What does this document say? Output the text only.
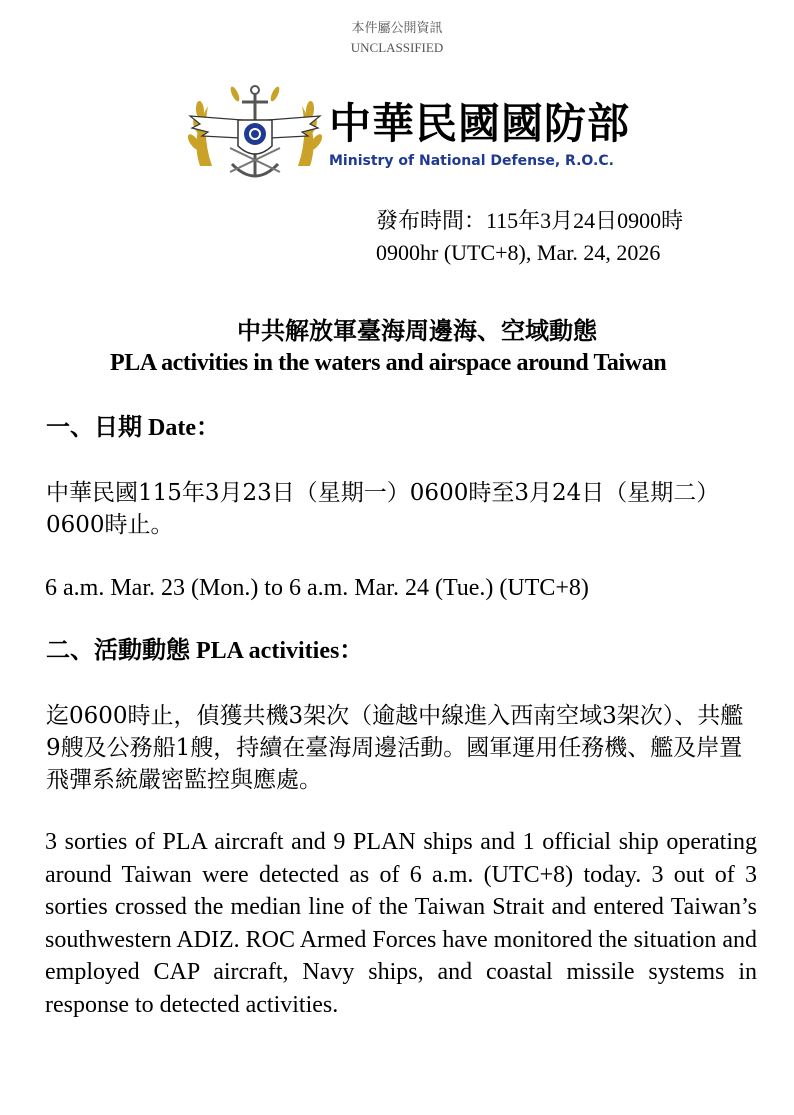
本件屬公開資訊
UNCLASSIFIED
中華民國國防部
Ministry of National Defense, R.O.C.
發布時間：115年3月24日0900時
0900hr (UTC+8), Mar. 24, 2026
中共解放軍臺海周邊海、空域動態
PLA activities in the waters and airspace around Taiwan
一、日期 Date：
中華民國115年3月23日（星期一）0600時至3月24日（星期二）0600時止。
6 a.m. Mar. 23 (Mon.) to 6 a.m. Mar. 24 (Tue.) (UTC+8)
二、活動動態 PLA activities：
迄0600時止，偵獲共機3架次（逾越中線進入西南空域3架次）、共艦9艘及公務船1艘，持續在臺海周邊活動。國軍運用任務機、艦及岸置飛彈系統嚴密監控與應處。
3 sorties of PLA aircraft and 9 PLAN ships and 1 official ship operating around Taiwan were detected as of 6 a.m. (UTC+8) today. 3 out of 3 sorties crossed the median line of the Taiwan Strait and entered Taiwan’s southwestern ADIZ. ROC Armed Forces have monitored the situation and employed CAP aircraft, Navy ships, and coastal missile systems in response to detected activities.
